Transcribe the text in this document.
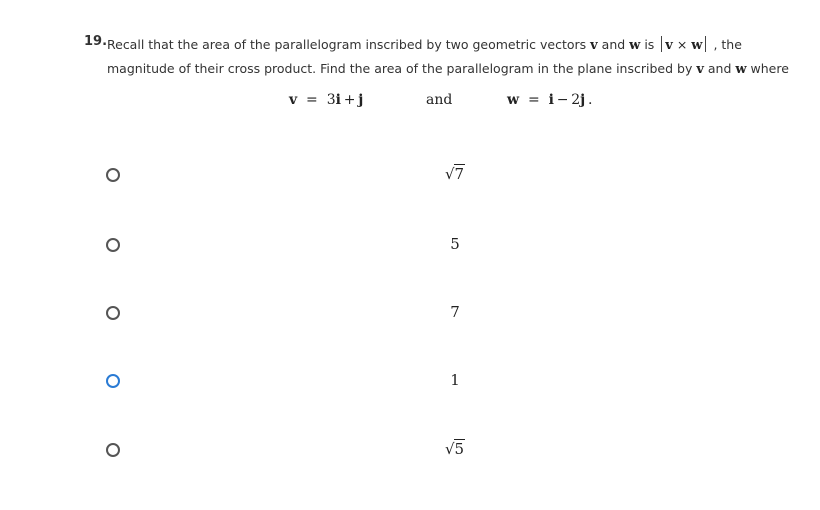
19. Recall that the area of the parallelogram inscribed by two geometric vectors v and w is v × w , the magnitude of their cross product. Find the area of the parallelogram in the plane inscribed by v and w where
v = 3i + j	and	w = i − 2j .
√7
5
7
1
√5
